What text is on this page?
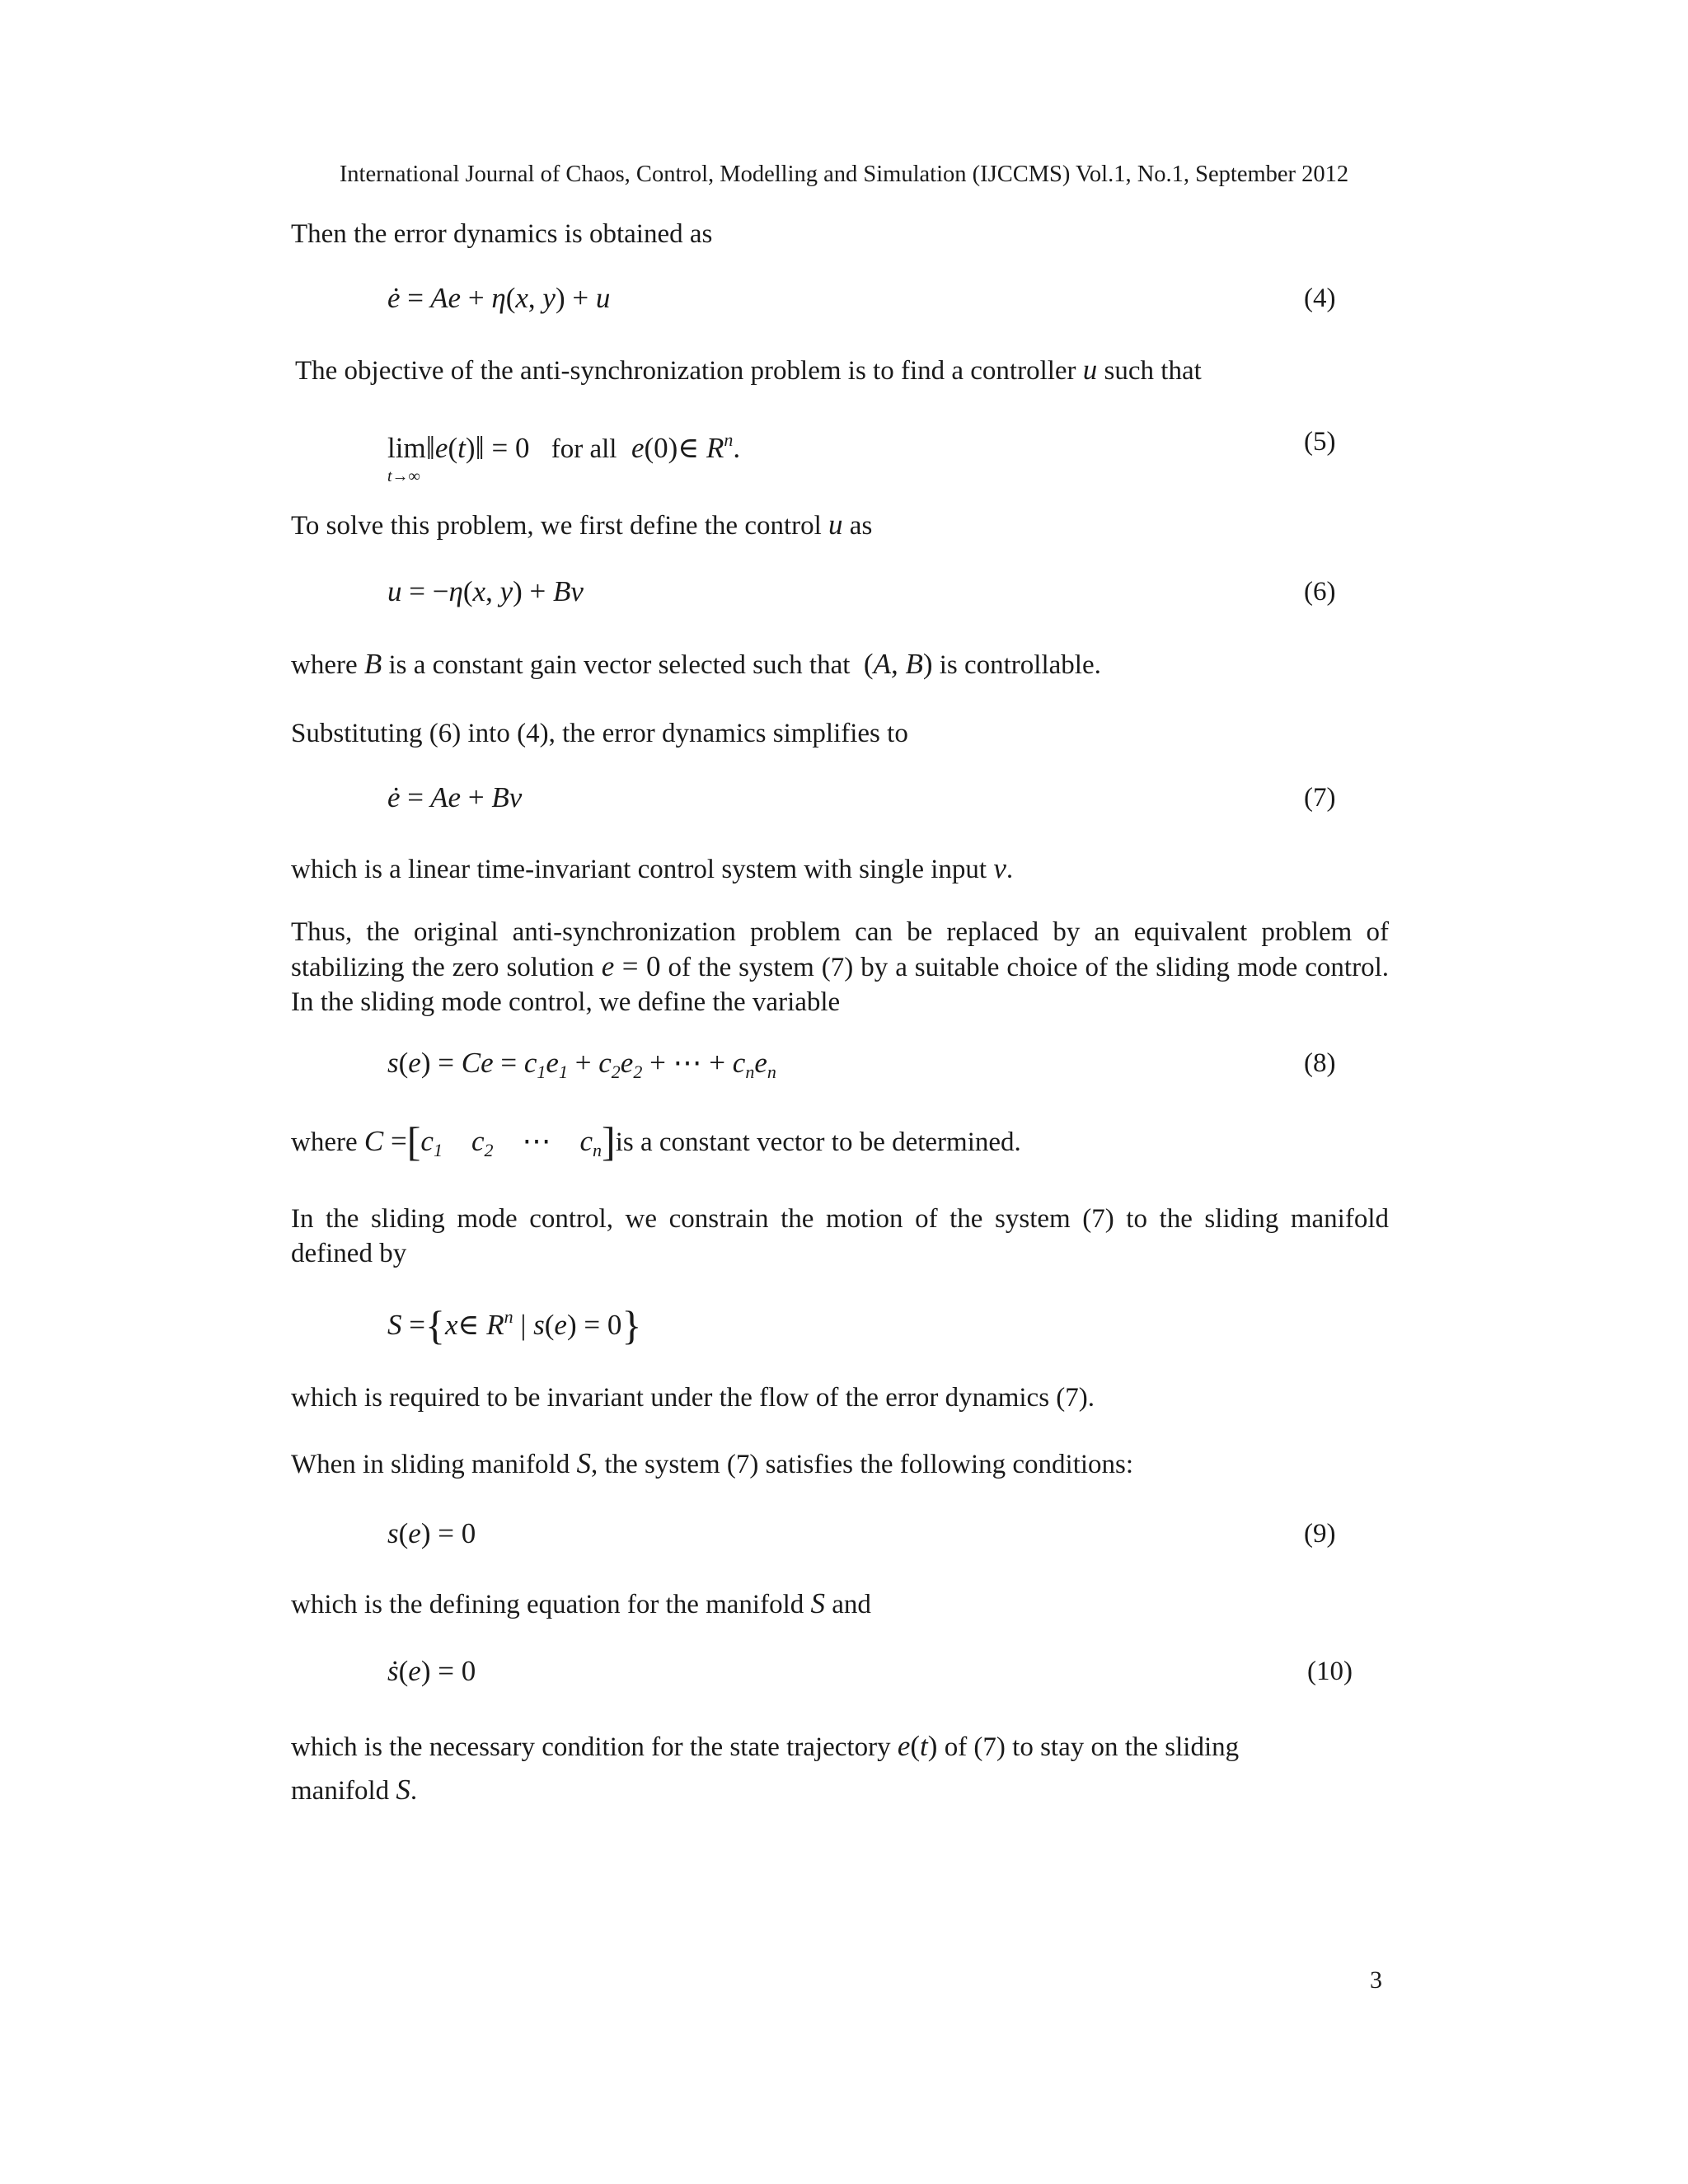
International Journal of Chaos, Control, Modelling and Simulation (IJCCMS) Vol.1, No.1, September 2012
Then the error dynamics is obtained as
ė = Ae + η(x, y) + u	(4)
The objective of the anti-synchronization problem is to find a controller u such that
lim
t→∞
‖e(t)‖ = 0 for all  e(0)∈ $R^n$.	(5)
To solve this problem, we first define the control u as
u = −η(x, y) + Bv	(6)
where B is a constant gain vector selected such that (A, B) is controllable.
Substituting (6) into (4), the error dynamics simplifies to
ė = Ae + Bv	(7)
which is a linear time-invariant control system with single input v.
Thus, the original anti-synchronization problem can be replaced by an equivalent problem of stabilizing the zero solution e = 0 of the system (7) by a suitable choice of the sliding mode control. In the sliding mode control, we define the variable
$s(e) = Ce = c_1e_1 + c_2e_2$ + ⋯ + $c_ne_n$	(8)
where $C =[c_1$    $c_2$ ⋯    $c_n]is$ a constant vector to be determined.
In the sliding mode control, we constrain the motion of the system (7) to the sliding manifold defined by
S ={x∈ $R^n$ | s(e) = 0}
which is required to be invariant under the flow of the error dynamics (7).
When in sliding manifold S, the system (7) satisfies the following conditions:
s(e) = 0	(9)
which is the defining equation for the manifold S and
ṡ(e) = 0	(10)
which is the necessary condition for the state trajectory e(t) of (7) to stay on the sliding
manifold S.
3
